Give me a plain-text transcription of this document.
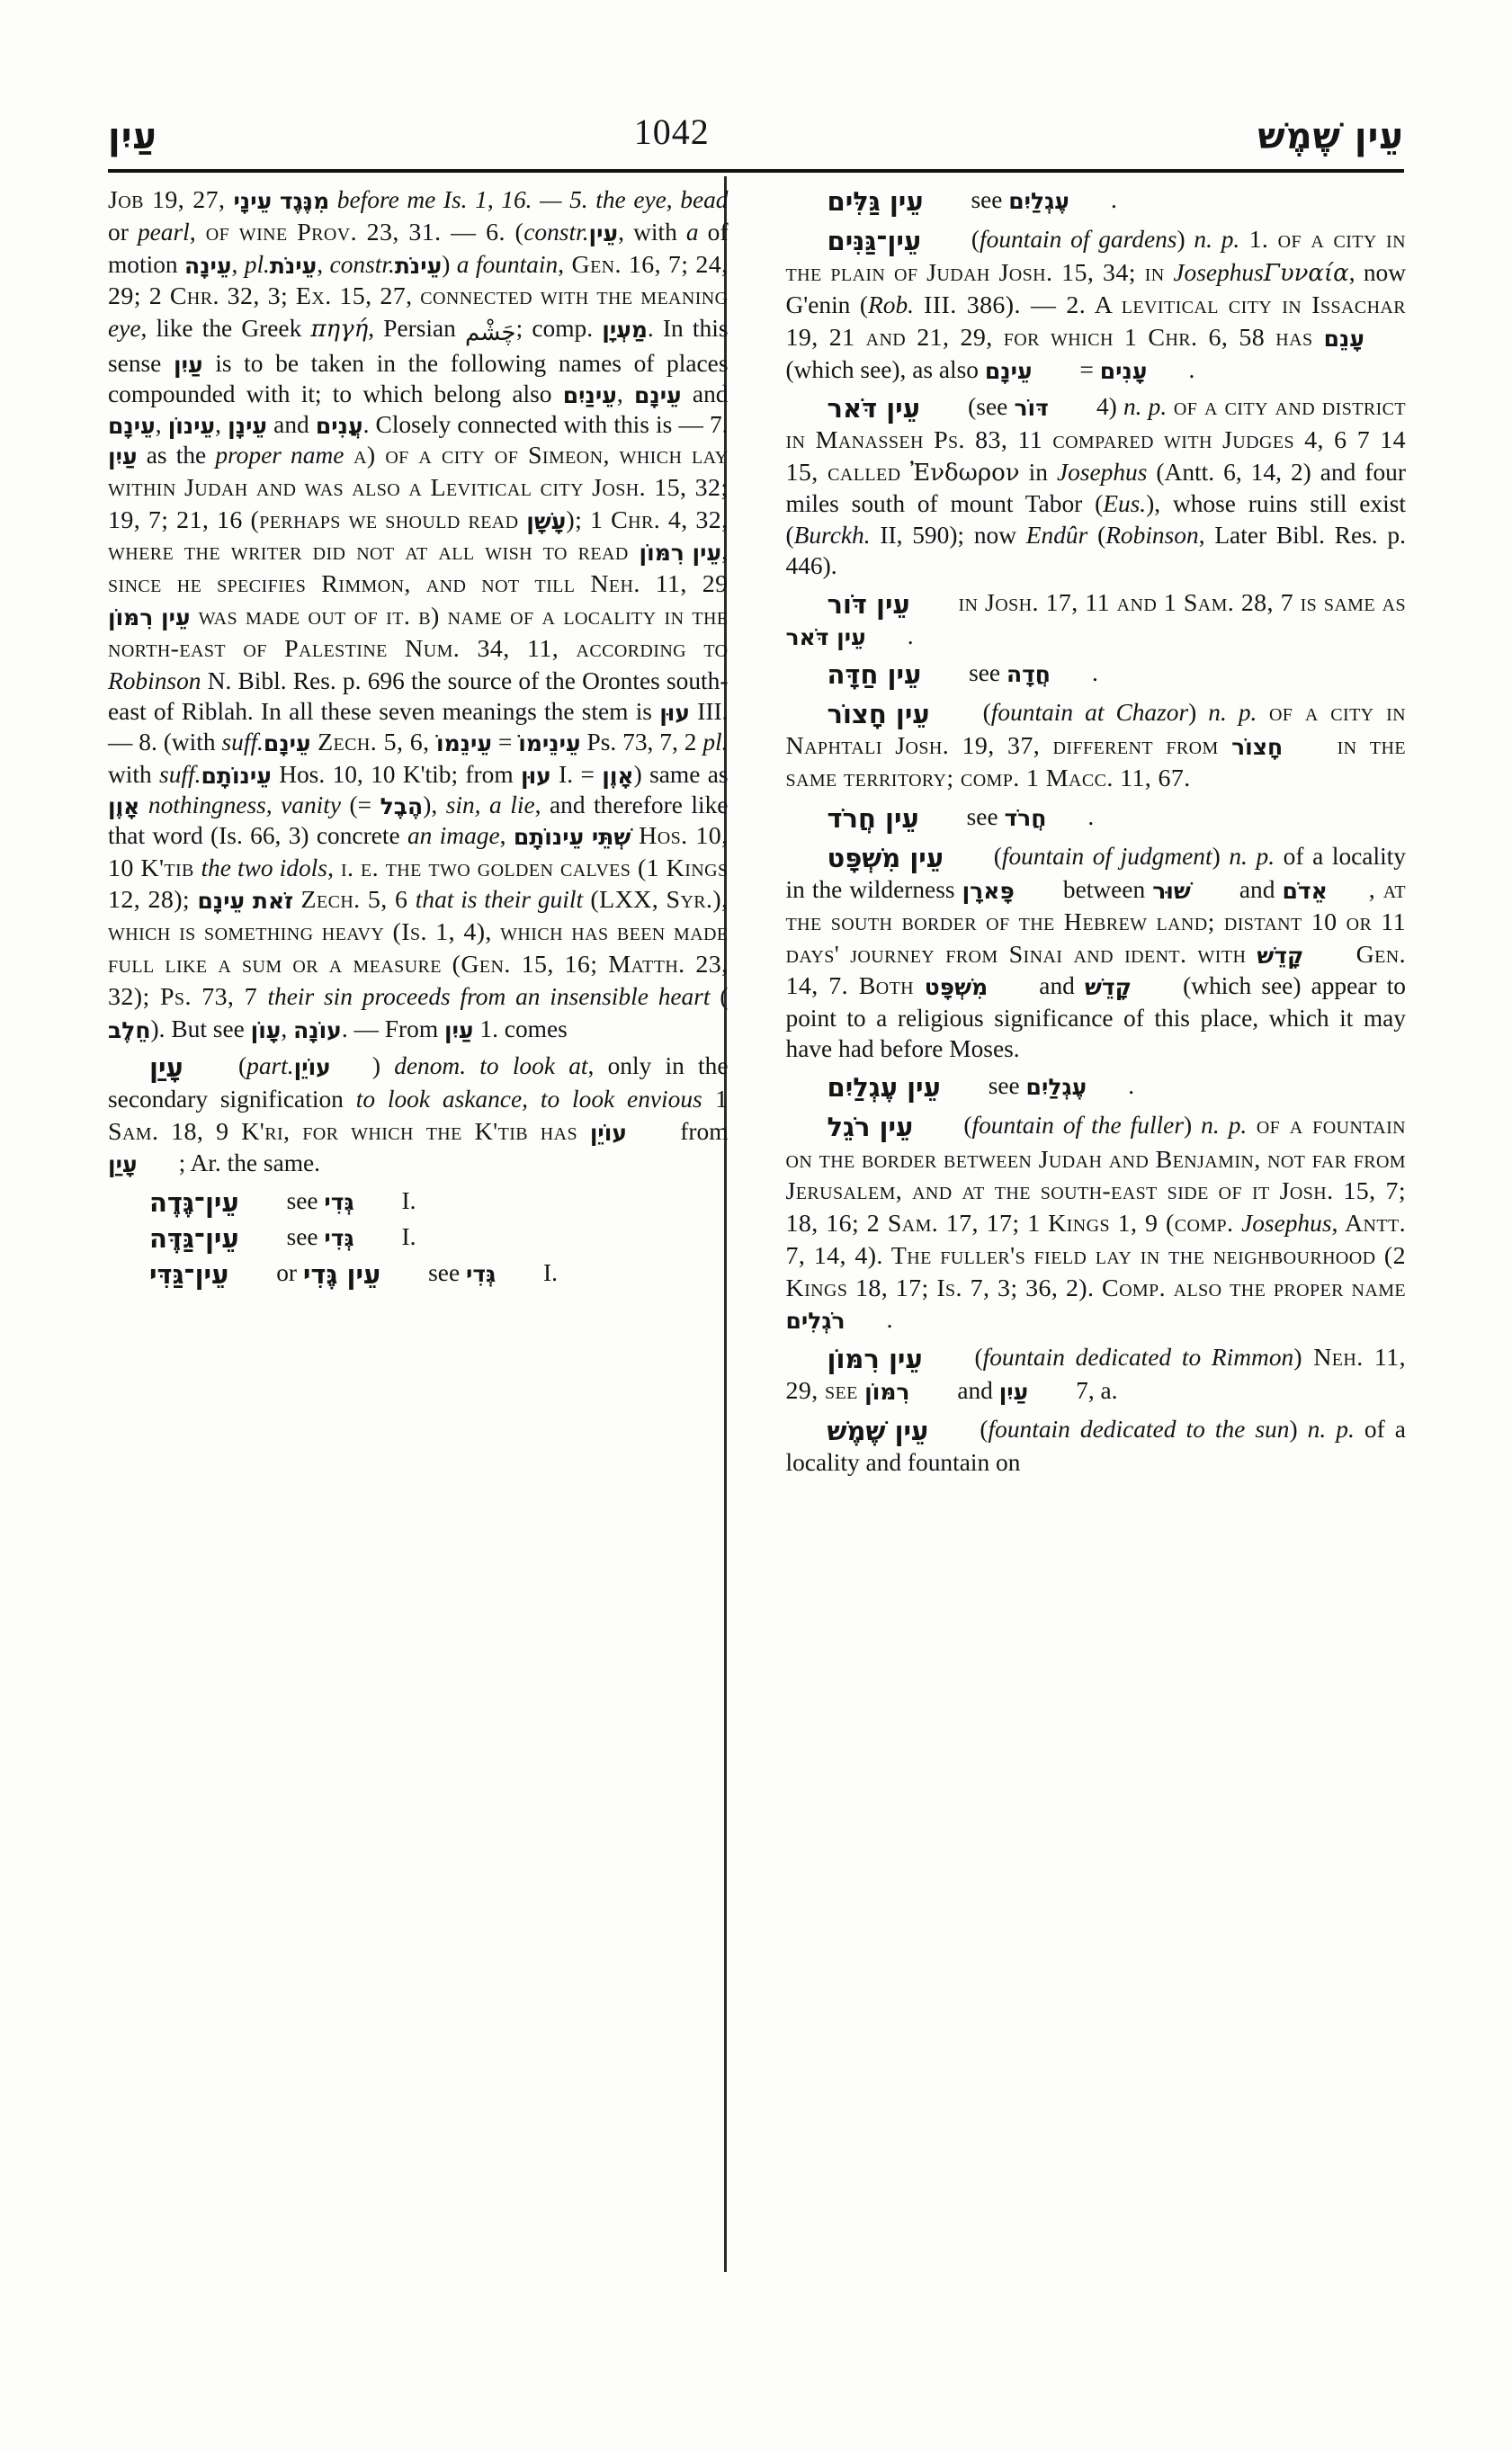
עַיִן	1042	עֵין שֶׁמֶשׁ

Job 19, 27, מִנֶּגֶד עֵינָי before me Is. 1, 16. — 5. the eye, bead or pearl, of wine Prov. 23, 31. — 6. (constr.עֵין, with a of motion עֵינָה, pl.עֵינֹת, constr.עֵינֹת) a fountain, Gen. 16, 7; 24, 29; 2 Chr. 32, 3; Ex. 15, 27, connected with the meaning eye, like the Greek πηγή, Persian چَشْم; comp. מַעְיָן. In this sense עַיִן is to be taken in the following names of places compounded with it; to which belong also עֵינַיִם, עֵינָם and עֵינָם, עֵינוֹן, עֵינָן and עֲנִים. Closely connected with this is — 7. עַיִן as the proper name a) of a city of Simeon, which lay within Judah and was also a Levitical city Josh. 15, 32; 19, 7; 21, 16 (perhaps we should read עָשָׁן); 1 Chr. 4, 32, where the writer did not at all wish to read עֵין רִמּוֹן, since he specifies Rimmon, and not till Neh. 11, 29 עֵין רִמּוֹן was made out of it. b) name of a locality in the north-east of Palestine Num. 34, 11, according to Robinson N. Bibl. Res. p. 696 the source of the Orontes south-east of Riblah. In all these seven meanings the stem is עוּן III. — 8. (with suff.עֵינָם Zech. 5, 6, עֵינֵמוֹ = עֵינֵימוֹ Ps. 73, 7, 2 pl. with suff.עֵינוֹתָם Hos. 10, 10 K'tib; from עוּן I. = אָוֶן) same as אָוֶן nothingness, vanity (= הֶבֶל), sin, a lie, and therefore like that word (Is. 66, 3) concrete an image, שְׁתֵּי עֵינוֹתָם Hos. 10, 10 K'tib the two idols, i. e. the two golden calves (1 Kings 12, 28); זֹאת עֵינָם Zech. 5, 6 that is their guilt (LXX, Syr.), which is something heavy (Is. 1, 4), which has been made full like a sum or a measure (Gen. 15, 16; Matth. 23, 32); Ps. 73, 7 their sin proceeds from an insensible heart (חֵלֶב). But see עָוֹן, עוֹנָה. — From עַיִן 1. comes

עָיַן (part.עוֹיֵן ) denom. to look at, only in the secondary signification to look askance, to look envious 1 Sam. 18, 9 K'ri, for which the K'tib has עוֹיֵן from עָיַן ; Ar. the same.

עֵין־גֶּדֶה see גְּדִי I.

עֵין־גַּדֶּה see גְּדִי I.

עֵין־גַּדִּי or עֵין גֶּדִי see גְּדִי I.

עֵין גַּלִּים see עֶגְלַיִם .

עֵין־גַּנִּים (fountain of gardens) n. p. 1. of a city in the plain of Judah Josh. 15, 34; in JosephusΓυναία, now G'enin (Rob. III. 386). — 2. A levitical city in Issachar 19, 21 and 21, 29, for which 1 Chr. 6, 58 has עָנֵם (which see), as also עֵינָם = עָנִים .

עֵין דֹּאר (see דּוֹר 4) n. p. of a city and district in Manasseh Ps. 83, 11 compared with Judges 4, 6 7 14 15, called Ἐνδωρον in Josephus (Antt. 6, 14, 2) and four miles south of mount Tabor (Eus.), whose ruins still exist (Burckh. II, 590); now Endûr (Robinson, Later Bibl. Res. p. 446).

עֵין דֹּור in Josh. 17, 11 and 1 Sam. 28, 7 is same as עֵין דֹּאר .

עֵין חַדָּה see חֲדָה .

עֵין חָצוֹר (fountain at Chazor) n. p. of a city in Naphtali Josh. 19, 37, different from חָצוֹר in the same territory; comp. 1 Macc. 11, 67.

עֵין חֲרֹד see חֲרֹד .

עֵין מִשְׁפָּט (fountain of judgment) n. p. of a locality in the wilderness פָּארָן between שׁוּר and אֵדֹם , at the south border of the Hebrew land; distant 10 or 11 days' journey from Sinai and ident. with קָדֵשׁ Gen. 14, 7. Both מִשְׁפָּט and קָדֵשׁ (which see) appear to point to a religious significance of this place, which it may have had before Moses.

עֵין עֶגְלַיִם see עֶגְלַיִם .

עֵין רֹגֵל (fountain of the fuller) n. p. of a fountain on the border between Judah and Benjamin, not far from Jerusalem, and at the south-east side of it Josh. 15, 7; 18, 16; 2 Sam. 17, 17; 1 Kings 1, 9 (comp. Josephus, Antt. 7, 14, 4). The fuller's field lay in the neighbourhood (2 Kings 18, 17; Is. 7, 3; 36, 2). Comp. also the proper name רֹגְלִים .

עֵין רִמּוֹן (fountain dedicated to Rimmon) Neh. 11, 29, see רִמּוֹן and עַיִן 7, a.

עֵין שֶׁמֶשׁ (fountain dedicated to the sun) n. p. of a locality and fountain on
